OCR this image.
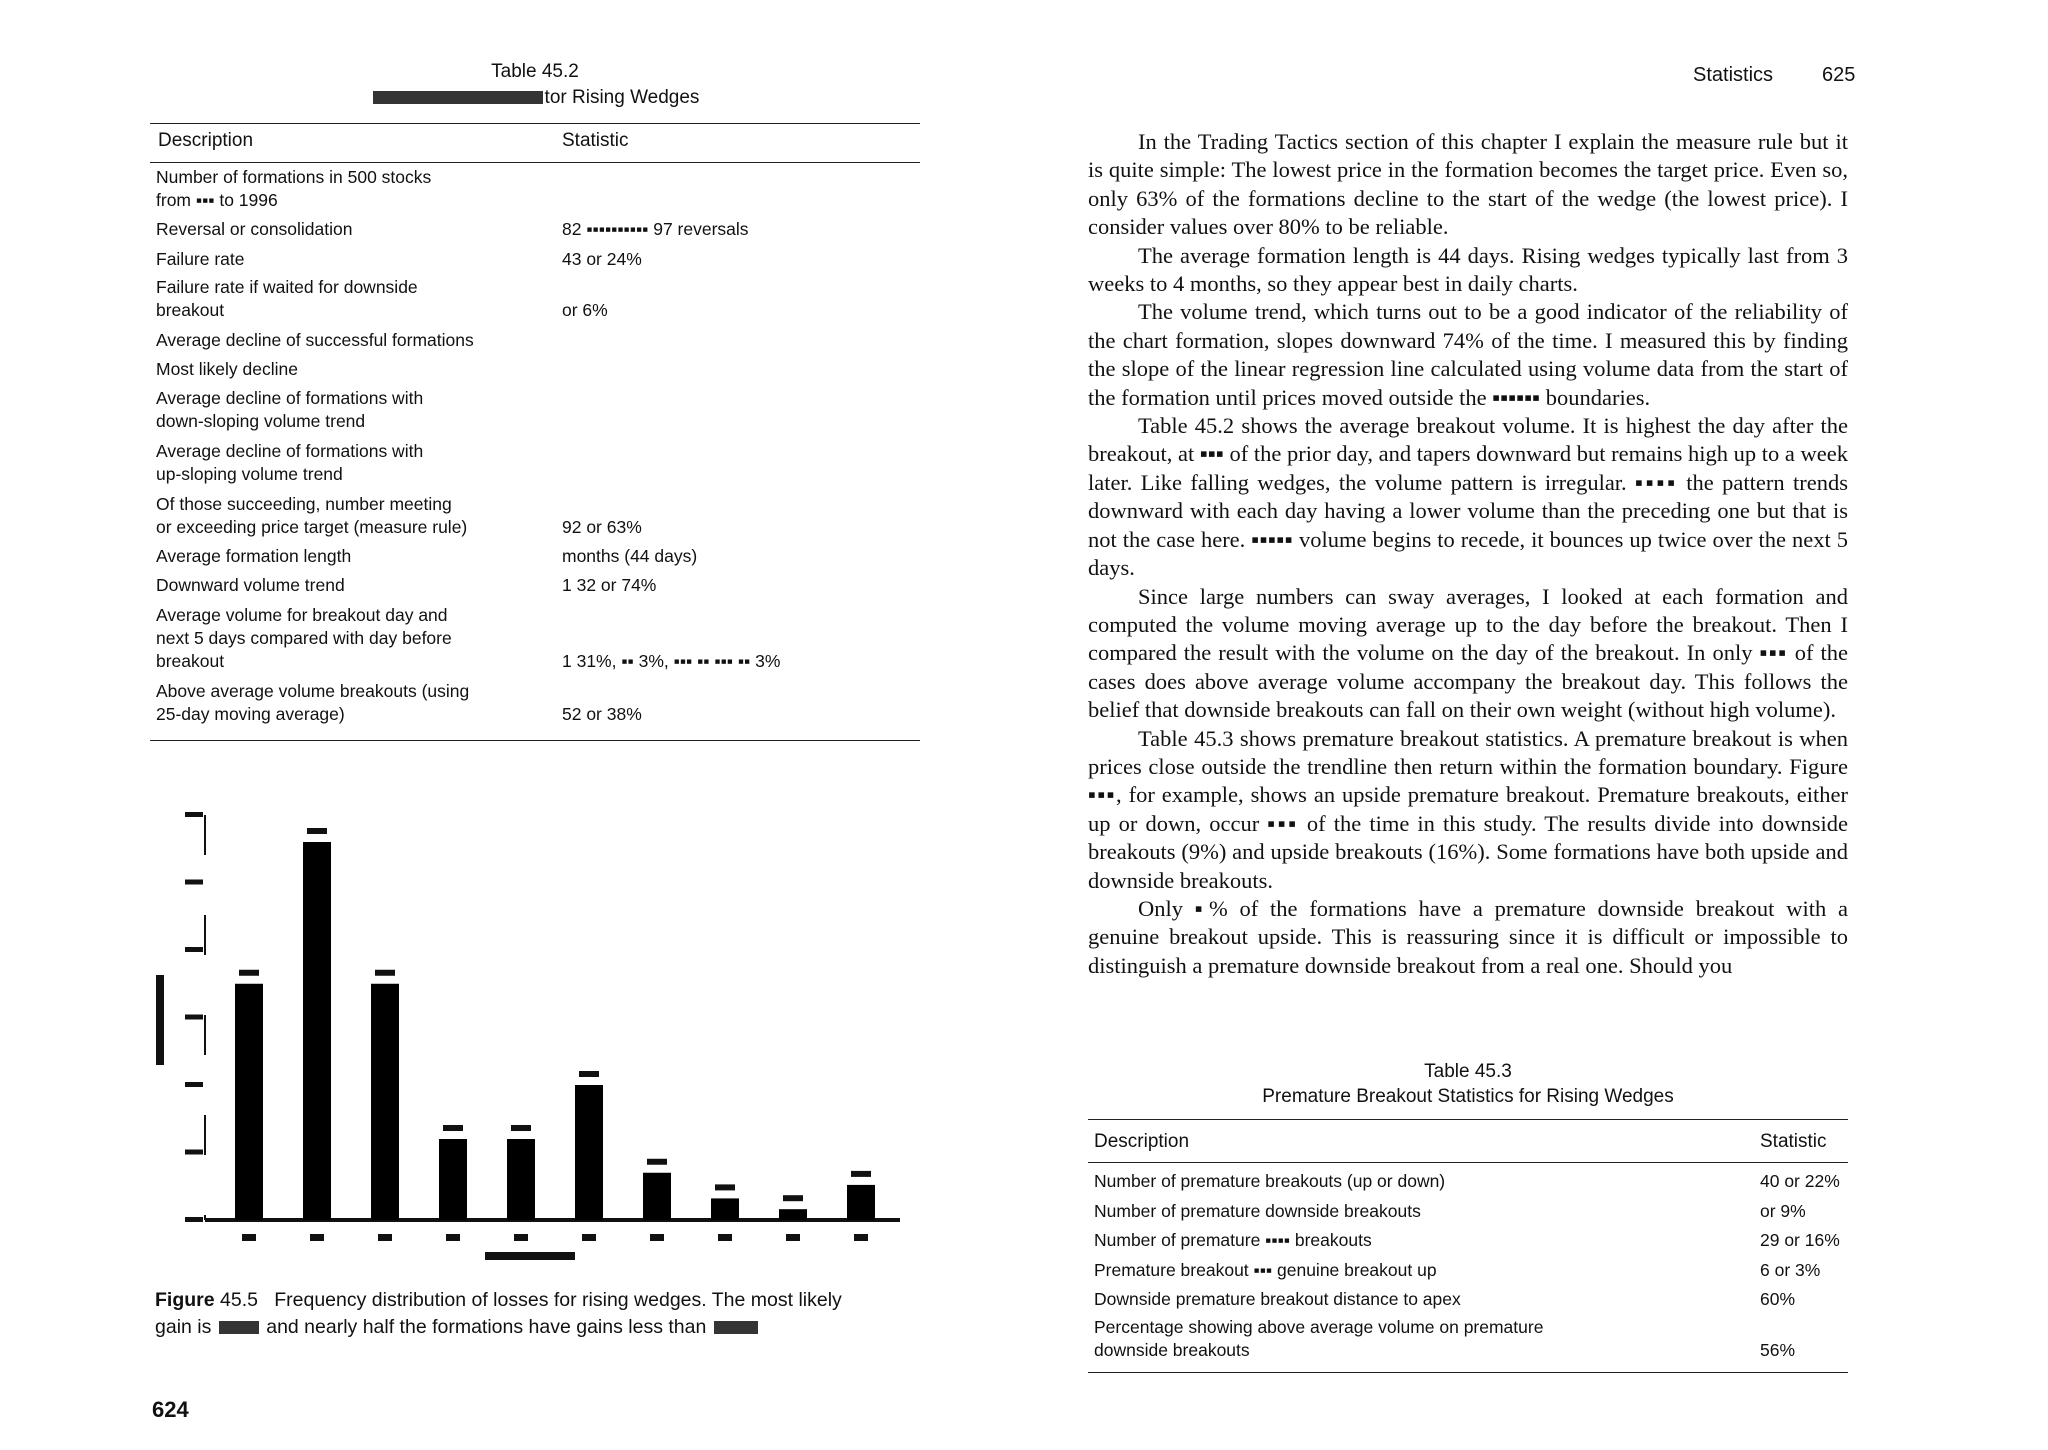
Table 45.2
tor Rising Wedges
Description	Statistic
Number of formations in 500 stocks
from ▪▪▪ to 1996
Reversal or consolidation	82 ▪▪▪▪▪▪▪▪▪▪ 97 reversals
Failure rate	43 or 24%
Failure rate if waited for downside
breakout	or 6%
Average decline of successful formations
Most likely decline
Average decline of formations with
down-sloping volume trend
Average decline of formations with
up-sloping volume trend
Of those succeeding, number meeting
or exceeding price target (measure rule)	92 or 63%
Average formation length	months (44 days)
Downward volume trend	1 32 or 74%
Average volume for breakout day and
next 5 days compared with day before
breakout	1 31%, ▪▪ 3%, ▪▪▪ ▪▪ ▪▪▪ ▪▪ 3%
Above average volume breakouts (using
25-day moving average)	52 or 38%
Figure 45.5 Frequency distribution of losses for rising wedges. The most likely
gain is	and nearly half the formations have gains less than
624
Statistics 625

In the Trading Tactics section of this chapter I explain the measure rule but it is quite simple: The lowest price in the formation becomes the target price. Even so, only 63% of the formations decline to the start of the wedge (the lowest price). I consider values over 80% to be reliable.

The average formation length is 44 days. Rising wedges typically last from 3 weeks to 4 months, so they appear best in daily charts.

The volume trend, which turns out to be a good indicator of the reliability of the chart formation, slopes downward 74% of the time. I measured this by finding the slope of the linear regression line calculated using volume data from the start of the formation until prices moved outside the ▪▪▪▪▪▪ boundaries.

Table 45.2 shows the average breakout volume. It is highest the day after the breakout, at ▪▪▪ of the prior day, and tapers downward but remains high up to a week later. Like falling wedges, the volume pattern is irregular. ▪▪▪▪ the pattern trends downward with each day having a lower volume than the preceding one but that is not the case here. ▪▪▪▪▪ volume begins to recede, it bounces up twice over the next 5 days.

Since large numbers can sway averages, I looked at each formation and computed the volume moving average up to the day before the breakout. Then I compared the result with the volume on the day of the breakout. In only ▪▪▪ of the cases does above average volume accompany the breakout day. This follows the belief that downside breakouts can fall on their own weight (without high volume).

Table 45.3 shows premature breakout statistics. A premature breakout is when prices close outside the trendline then return within the formation boundary. Figure ▪▪▪, for example, shows an upside premature breakout. Premature breakouts, either up or down, occur ▪▪▪ of the time in this study. The results divide into downside breakouts (9%) and upside breakouts (16%). Some formations have both upside and downside breakouts.

Only ▪% of the formations have a premature downside breakout with a genuine breakout upside. This is reassuring since it is difficult or impossible to distinguish a premature downside breakout from a real one. Should you

Table 45.3
Premature Breakout Statistics for Rising Wedges
Description	Statistic
Number of premature breakouts (up or down)	40 or 22%
Number of premature downside breakouts	or 9%
Number of premature ▪▪▪▪ breakouts	29 or 16%
Premature breakout ▪▪▪ genuine breakout up	6 or 3%
Downside premature breakout distance to apex	60%
Percentage showing above average volume on premature
downside breakouts	56%
